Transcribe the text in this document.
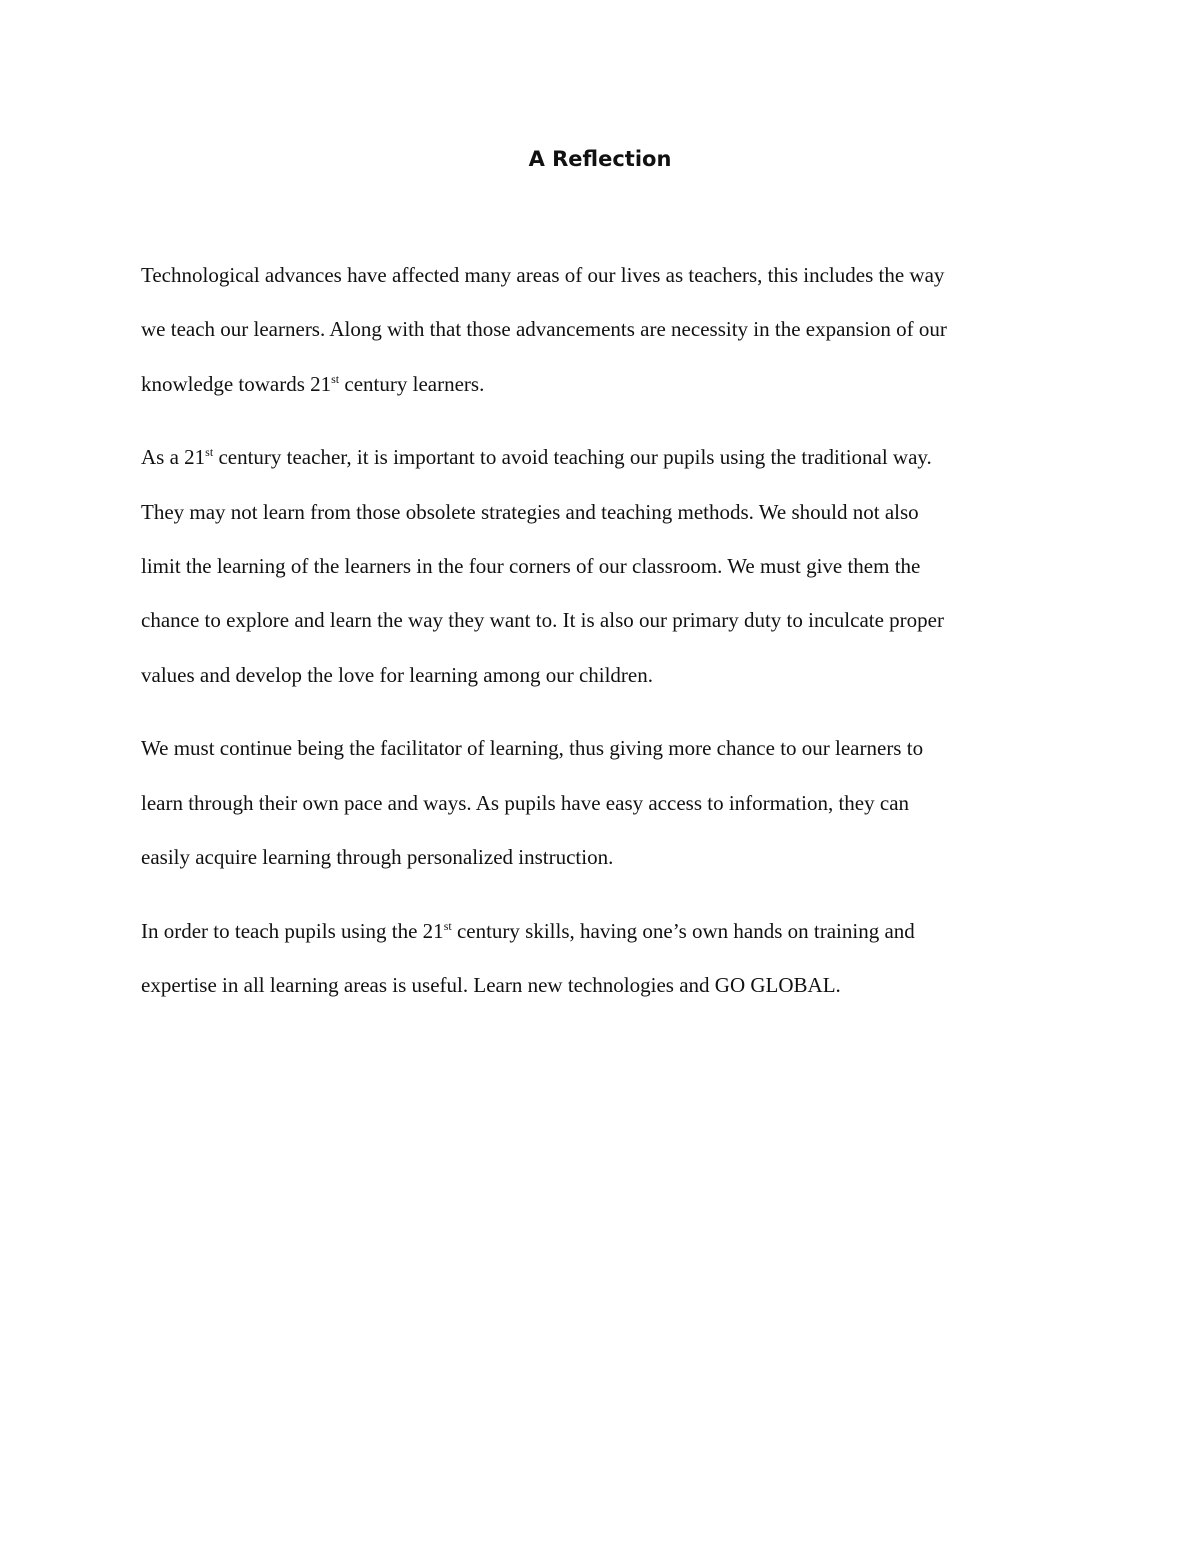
A Reflection

Technological advances have affected many areas of our lives as teachers, this includes the way
we teach our learners. Along with that those advancements are necessity in the expansion of our
knowledge towards 21st century learners.

As a 21st century teacher, it is important to avoid teaching our pupils using the traditional way.
They may not learn from those obsolete strategies and teaching methods. We should not also
limit the learning of the learners in the four corners of our classroom. We must give them the
chance to explore and learn the way they want to. It is also our primary duty to inculcate proper
values and develop the love for learning among our children.

We must continue being the facilitator of learning, thus giving more chance to our learners to
learn through their own pace and ways. As pupils have easy access to information, they can
easily acquire learning through personalized instruction.

In order to teach pupils using the 21st century skills, having one’s own hands on training and
expertise in all learning areas is useful. Learn new technologies and GO GLOBAL.
